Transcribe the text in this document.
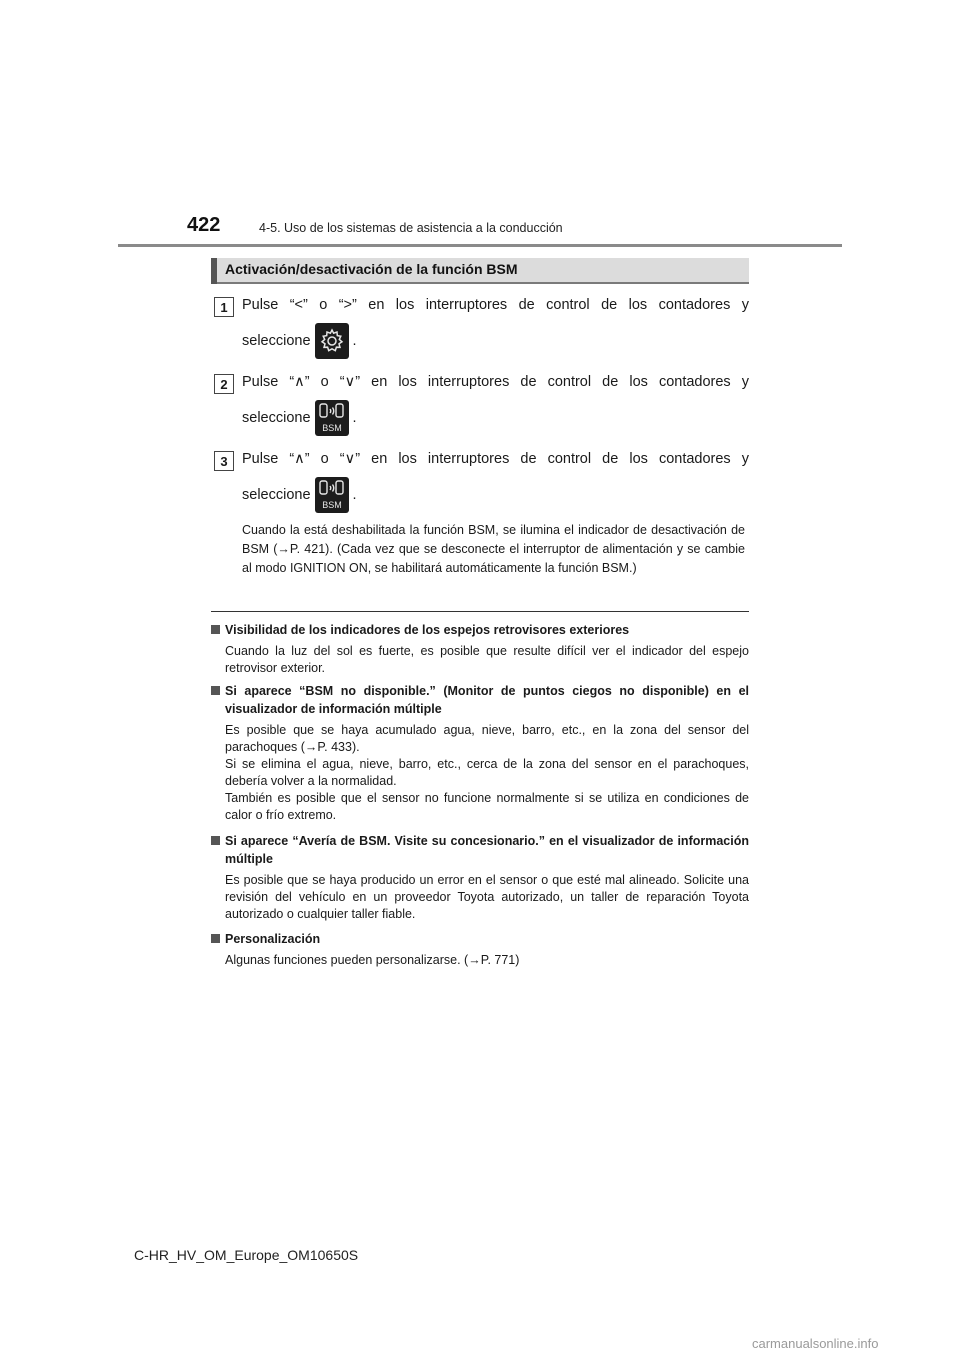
422	4-5. Uso de los sistemas de asistencia a la conducción
Activación/desactivación de la función BSM
1 Pulse “<” o “>” en los interruptores de control de los contadores y
seleccione	.
2 Pulse “∧” o “∨” en los interruptores de control de los contadores y
seleccione
BSM
.
3 Pulse “∧” o “∨” en los interruptores de control de los contadores y
seleccione
BSM
.
Cuando la está deshabilitada la función BSM, se ilumina el indicador de desactivación de BSM (→P. 421). (Cada vez que se desconecte el interruptor de alimentación y se cambie al modo IGNITION ON, se habilitará automáticamente la función BSM.)
Visibilidad de los indicadores de los espejos retrovisores exteriores
Cuando la luz del sol es fuerte, es posible que resulte difícil ver el indicador del espejo retrovisor exterior.
Si aparece “BSM no disponible.” (Monitor de puntos ciegos no disponible) en el visualizador de información múltiple
Es posible que se haya acumulado agua, nieve, barro, etc., en la zona del sensor del parachoques (→P. 433).
Si se elimina el agua, nieve, barro, etc., cerca de la zona del sensor en el parachoques, debería volver a la normalidad.
También es posible que el sensor no funcione normalmente si se utiliza en condiciones de calor o frío extremo.
Si aparece “Avería de BSM. Visite su concesionario.” en el visualizador de información múltiple
Es posible que se haya producido un error en el sensor o que esté mal alineado. Solicite una revisión del vehículo en un proveedor Toyota autorizado, un taller de reparación Toyota autorizado o cualquier taller fiable.
Personalización
Algunas funciones pueden personalizarse. (→P. 771)
C-HR_HV_OM_Europe_OM10650S
carmanualsonline.info
